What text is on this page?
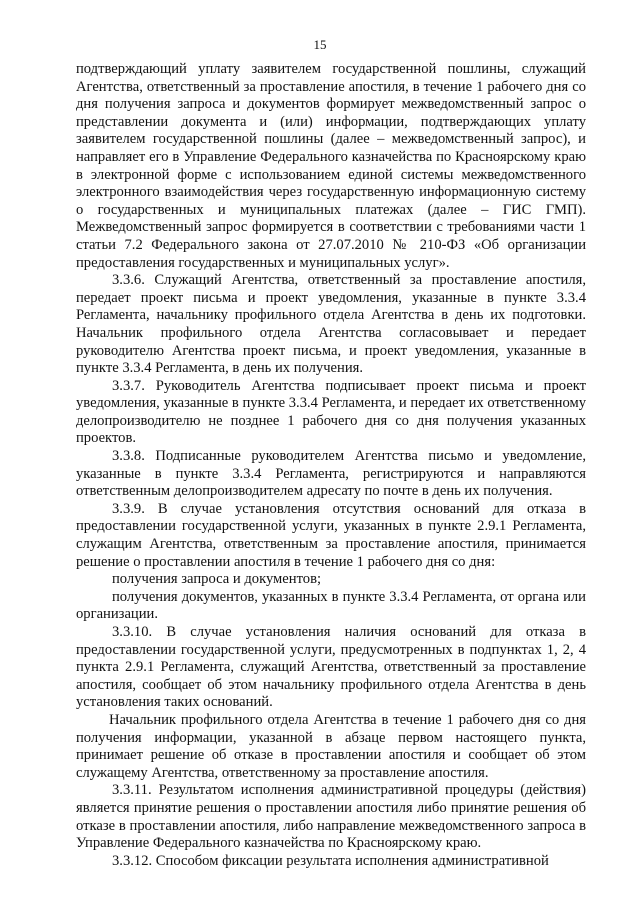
15

подтверждающий уплату заявителем государственной пошлины, служащий Агентства, ответственный за проставление апостиля, в течение 1 рабочего дня со дня получения запроса и документов формирует межведомственный запрос о представлении документа и (или) информации, подтверждающих уплату заявителем государственной пошлины (далее – межведомственный запрос), и направляет его в Управление Федерального казначейства по Красноярскому краю в электронной форме с использованием единой системы межведомственного электронного взаимодействия через государственную информационную систему о государственных и муниципальных платежах (далее – ГИС ГМП). Межведомственный запрос формируется в соответствии с требованиями части 1 статьи 7.2 Федерального закона от 27.07.2010 № 210-ФЗ «Об организации предоставления государственных и муниципальных услуг».

3.3.6. Служащий Агентства, ответственный за проставление апостиля, передает проект письма и проект уведомления, указанные в пункте 3.3.4 Регламента, начальнику профильного отдела Агентства в день их подготовки. Начальник профильного отдела Агентства согласовывает и передает руководителю Агентства проект письма, и проект уведомления, указанные в пункте 3.3.4 Регламента, в день их получения.

3.3.7. Руководитель Агентства подписывает проект письма и проект уведомления, указанные в пункте 3.3.4 Регламента, и передает их ответственному делопроизводителю не позднее 1 рабочего дня со дня получения указанных проектов.

3.3.8. Подписанные руководителем Агентства письмо и уведомление, указанные в пункте 3.3.4 Регламента, регистрируются и направляются ответственным делопроизводителем адресату по почте в день их получения.

3.3.9. В случае установления отсутствия оснований для отказа в предоставлении государственной услуги, указанных в пункте 2.9.1 Регламента, служащим Агентства, ответственным за проставление апостиля, принимается решение о проставлении апостиля в течение 1 рабочего дня со дня:

получения запроса и документов;

получения документов, указанных в пункте 3.3.4 Регламента, от органа или организации.

3.3.10. В случае установления наличия оснований для отказа в предоставлении государственной услуги, предусмотренных в подпунктах 1, 2, 4 пункта 2.9.1 Регламента, служащий Агентства, ответственный за проставление апостиля, сообщает об этом начальнику профильного отдела Агентства в день установления таких оснований.

Начальник профильного отдела Агентства в течение 1 рабочего дня со дня получения информации, указанной в абзаце первом настоящего пункта, принимает решение об отказе в проставлении апостиля и сообщает об этом служащему Агентства, ответственному за проставление апостиля.

3.3.11. Результатом исполнения административной процедуры (действия) является принятие решения о проставлении апостиля либо принятие решения об отказе в проставлении апостиля, либо направление межведомственного запроса в Управление Федерального казначейства по Красноярскому краю.

3.3.12. Способом фиксации результата исполнения административной
